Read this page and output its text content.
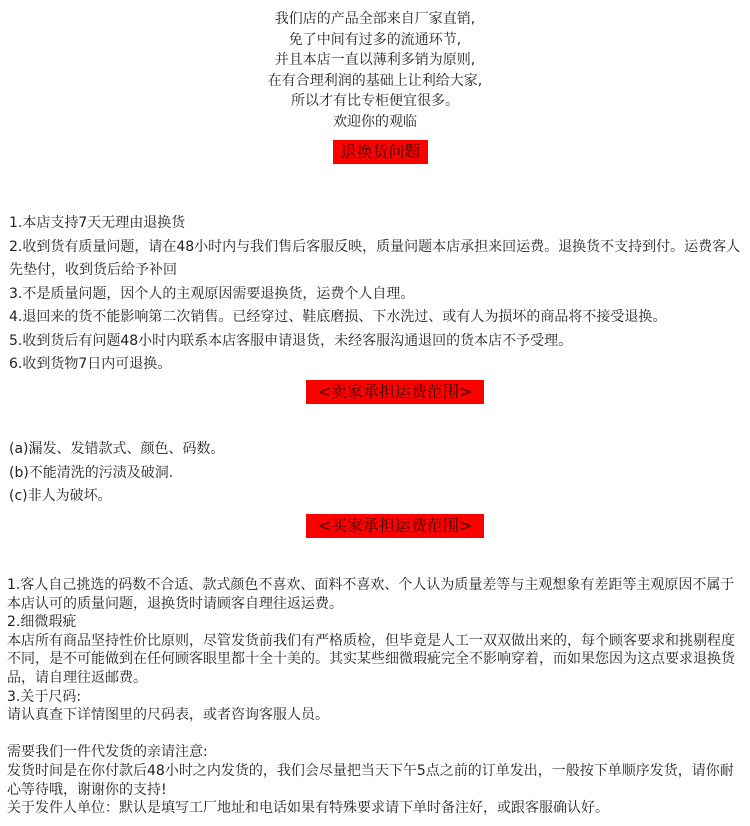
我们店的产品全部来自厂家直销,
免了中间有过多的流通环节,
并且本店一直以薄利多销为原则,
在有合理利润的基础上让利给大家,
所以才有比专柜便宜很多。
欢迎你的观临
退换货问题
1.本店支持7天无理由退换货
2.收到货有质量问题，请在48小时内与我们售后客服反映，质量问题本店承担来回运费。退换货不支持到付。运费客人先垫付，收到货后给予补回
3.不是质量问题，因个人的主观原因需要退换货，运费个人自理。
4.退回来的货不能影响第二次销售。已经穿过、鞋底磨损、下水洗过、或有人为损坏的商品将不接受退换。
5.收到货后有问题48小时内联系本店客服申请退货，未经客服沟通退回的货本店不予受理。
6.收到货物7日内可退换。
<卖家承担运费范围>
(a)漏发、发错款式、颜色、码数。
(b)不能清洗的污渍及破洞.
(c)非人为破坏。
<买家承担运费范围>
1.客人自己挑选的码数不合适、款式颜色不喜欢、面料不喜欢、个人认为质量差等与主观想象有差距等主观原因不属于本店认可的质量问题，退换货时请顾客自理往返运费。
2.细微瑕疵
本店所有商品坚持性价比原则，尽管发货前我们有严格质检，但毕竟是人工一双双做出来的，每个顾客要求和挑剔程度不同，是不可能做到在任何顾客眼里都十全十美的。其实某些细微瑕疵完全不影响穿着，而如果您因为这点要求退换货品，请自理往返邮费。
3.关于尺码:
请认真查下详情图里的尺码表，或者咨询客服人员。
需要我们一件代发货的亲请注意:
发货时间是在你付款后48小时之内发货的，我们会尽量把当天下午5点之前的订单发出，一般按下单顺序发货，请你耐心等待哦，谢谢你的支持!
关于发件人单位：默认是填写工厂地址和电话如果有特殊要求请下单时备注好，或跟客服确认好。
